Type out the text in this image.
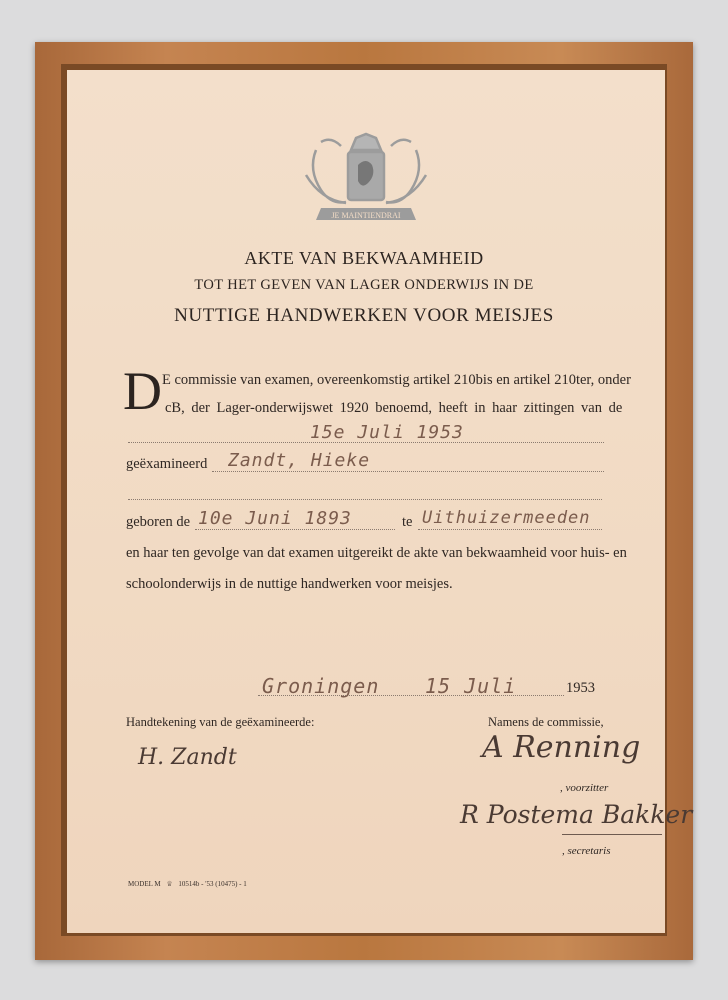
JE MAINTIENDRAI
AKTE VAN BEKWAAMHEID
TOT HET GEVEN VAN LAGER ONDERWIJS IN DE
NUTTIGE HANDWERKEN VOOR MEISJES
D E commissie van examen, overeenkomstig artikel 210bis en artikel 210ter, onder
cB, der Lager-onderwijswet 1920 benoemd, heeft in haar zittingen van de
15e Juli 1953
geëxamineerd Zandt, Hieke
geboren de 10e Juni 1893	te Uithuizermeeden
en haar ten gevolge van dat examen uitgereikt de akte van bekwaamheid voor huis- en
schoolonderwijs in de nuttige handwerken voor meisjes.
Groningen 15 Juli	1953
Handtekening van de geëxamineerde:
H. Zandt
Namens de commissie,
A Renning
, voorzitter
R Postema Bakker
, secretaris
MODEL M ♕ 10514b - '53 (10475) - 1
